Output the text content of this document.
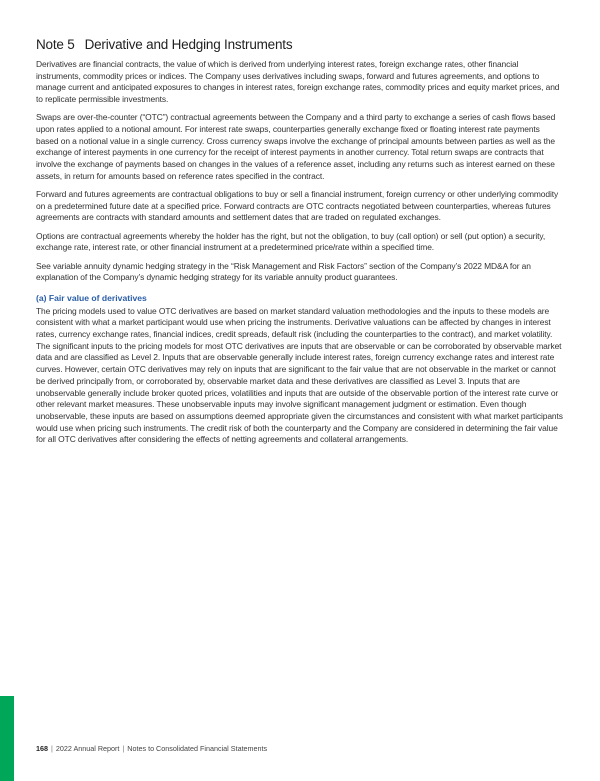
Note 5 Derivative and Hedging Instruments

Derivatives are financial contracts, the value of which is derived from underlying interest rates, foreign exchange rates, other financial instruments, commodity prices or indices. The Company uses derivatives including swaps, forward and futures agreements, and options to manage current and anticipated exposures to changes in interest rates, foreign exchange rates, commodity prices and equity market prices, and to replicate permissible investments.

Swaps are over-the-counter (“OTC”) contractual agreements between the Company and a third party to exchange a series of cash flows based upon rates applied to a notional amount. For interest rate swaps, counterparties generally exchange fixed or floating interest rate payments based on a notional value in a single currency. Cross currency swaps involve the exchange of principal amounts between parties as well as the exchange of interest payments in one currency for the receipt of interest payments in another currency. Total return swaps are contracts that involve the exchange of payments based on changes in the values of a reference asset, including any returns such as interest earned on these assets, in return for amounts based on reference rates specified in the contract.

Forward and futures agreements are contractual obligations to buy or sell a financial instrument, foreign currency or other underlying commodity on a predetermined future date at a specified price. Forward contracts are OTC contracts negotiated between counterparties, whereas futures agreements are contracts with standard amounts and settlement dates that are traded on regulated exchanges.

Options are contractual agreements whereby the holder has the right, but not the obligation, to buy (call option) or sell (put option) a security, exchange rate, interest rate, or other financial instrument at a predetermined price/rate within a specified time.

See variable annuity dynamic hedging strategy in the “Risk Management and Risk Factors” section of the Company’s 2022 MD&A for an explanation of the Company’s dynamic hedging strategy for its variable annuity product guarantees.

(a) Fair value of derivatives

The pricing models used to value OTC derivatives are based on market standard valuation methodologies and the inputs to these models are consistent with what a market participant would use when pricing the instruments. Derivative valuations can be affected by changes in interest rates, currency exchange rates, financial indices, credit spreads, default risk (including the counterparties to the contract), and market volatility. The significant inputs to the pricing models for most OTC derivatives are inputs that are observable or can be corroborated by observable market data and are classified as Level 2. Inputs that are observable generally include interest rates, foreign currency exchange rates and interest rate curves. However, certain OTC derivatives may rely on inputs that are significant to the fair value that are not observable in the market or cannot be derived principally from, or corroborated by, observable market data and these derivatives are classified as Level 3. Inputs that are unobservable generally include broker quoted prices, volatilities and inputs that are outside of the observable portion of the interest rate curve or other relevant market measures. These unobservable inputs may involve significant management judgment or estimation. Even though unobservable, these inputs are based on assumptions deemed appropriate given the circumstances and consistent with what market participants would use when pricing such instruments. The credit risk of both the counterparty and the Company are considered in determining the fair value for all OTC derivatives after considering the effects of netting agreements and collateral arrangements.

168 | 2022 Annual Report | Notes to Consolidated Financial Statements
